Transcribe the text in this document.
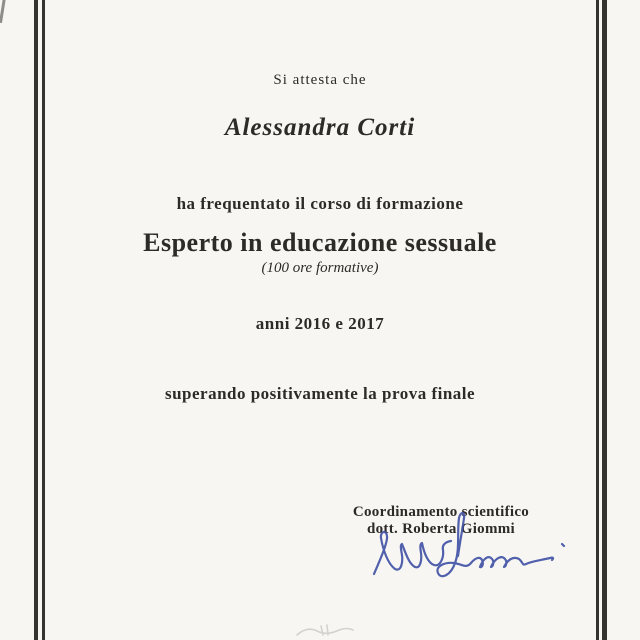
Si attesta che
Alessandra Corti
ha frequentato il corso di formazione
Esperto in educazione sessuale
(100 ore formative)
anni 2016 e 2017
superando positivamente la prova finale
Coordinamento scientifico
dott. Roberta Giommi
